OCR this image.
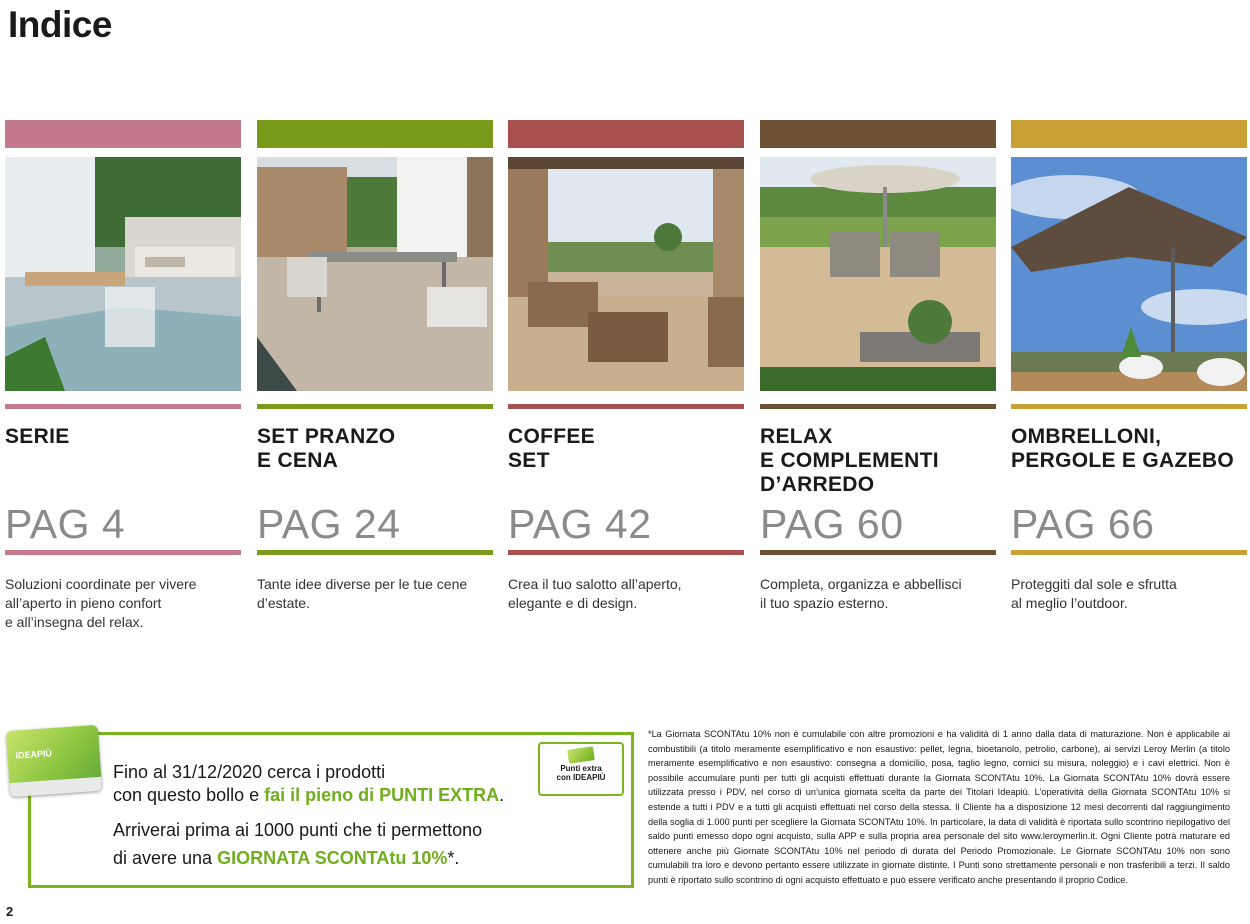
Indice
SERIE
PAG 4
Soluzioni coordinate per vivere
all’aperto in pieno confort
e all’insegna del relax.
SET PRANZO
E CENA
PAG 24
Tante idee diverse per le tue cene
d’estate.
COFFEE
SET
PAG 42
Crea il tuo salotto all’aperto,
elegante e di design.
RELAX
E COMPLEMENTI
D’ARREDO
PAG 60
Completa, organizza e abbellisci
il tuo spazio esterno.
OMBRELLONI,
PERGOLE E GAZEBO
PAG 66
Proteggiti dal sole e sfrutta
al meglio l’outdoor.
IDEAPIÙ
Fino al 31/12/2020 cerca i prodotti
con questo bollo e fai il pieno di PUNTI EXTRA.
Arriverai prima ai 1000 punti che ti permettono
di avere una GIORNATA SCONTAtu 10%*.
Punti extra
con IDEAPIÙ
*La Giornata SCONTAtu 10% non è cumulabile con altre promozioni e ha validità di 1 anno dalla data di maturazione. Non è applicabile ai combustibili (a titolo meramente esemplificativo e non esaustivo: pellet, legna, bioetanolo, petrolio, carbone), ai servizi Leroy Merlin (a titolo meramente esemplificativo e non esaustivo: consegna a domicilio, posa, taglio legno, cornici su misura, noleggio) e i cavi elettrici. Non è possibile accumulare punti per tutti gli acquisti effettuati durante la Giornata SCONTAtu 10%. La Giornata SCONTAtu 10% dovrà essere utilizzata presso i PDV, nel corso di un’unica giornata scelta da parte dei Titolari Ideapiù. L’operatività della Giornata SCONTAtu 10% si estende a tutti i PDV e a tutti gli acquisti effettuati nel corso della stessa. Il Cliente ha a disposizione 12 mesi decorrenti dal raggiungimento della soglia di 1.000 punti per scegliere la Giornata SCONTAtu 10%. In particolare, la data di validità è riportata sullo scontrino riepilogativo del saldo punti emesso dopo ogni acquisto, sulla APP e sulla propria area personale del sito www.leroymerlin.it. Ogni Cliente potrà maturare ed ottenere anche più Giornate SCONTAtu 10% nel periodo di durata del Periodo Promozionale. Le Giornate SCONTAtu 10% non sono cumulabili tra loro e devono pertanto essere utilizzate in giornate distinte. I Punti sono strettamente personali e non trasferibili a terzi. Il saldo punti è riportato sullo scontrino di ogni acquisto effettuato e può essere verificato anche presentando il proprio Codice.
2
